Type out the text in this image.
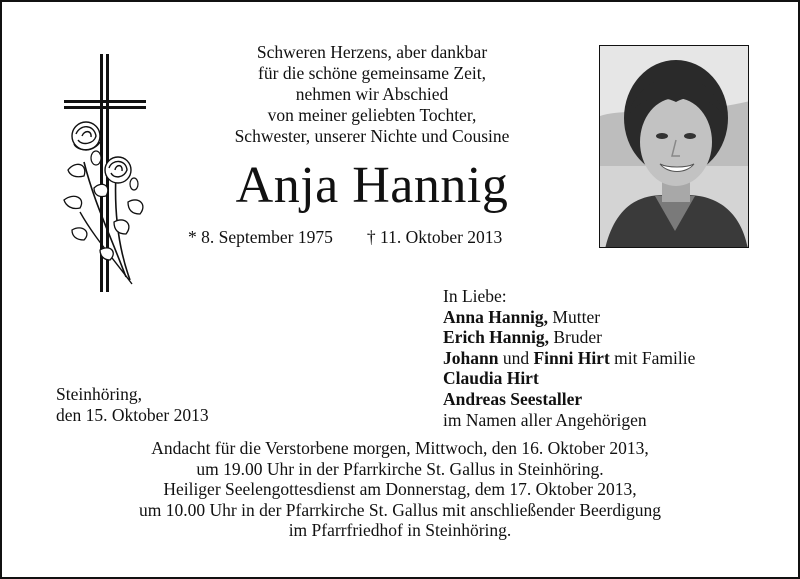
Schweren Herzens, aber dankbar
für die schöne gemeinsame Zeit,
nehmen wir Abschied
von meiner geliebten Tochter,
Schwester, unserer Nichte und Cousine
Anja Hannig
* 8. September 1975 † 11. Oktober 2013
In Liebe:
Anna Hannig, Mutter
Erich Hannig, Bruder
Johann und Finni Hirt mit Familie
Claudia Hirt
Andreas Seestaller
im Namen aller Angehörigen
Steinhöring,
den 15. Oktober 2013
Andacht für die Verstorbene morgen, Mittwoch, den 16. Oktober 2013,
um 19.00 Uhr in der Pfarrkirche St. Gallus in Steinhöring.
Heiliger Seelengottesdienst am Donnerstag, dem 17. Oktober 2013,
um 10.00 Uhr in der Pfarrkirche St. Gallus mit anschließender Beerdigung
im Pfarrfriedhof in Steinhöring.
